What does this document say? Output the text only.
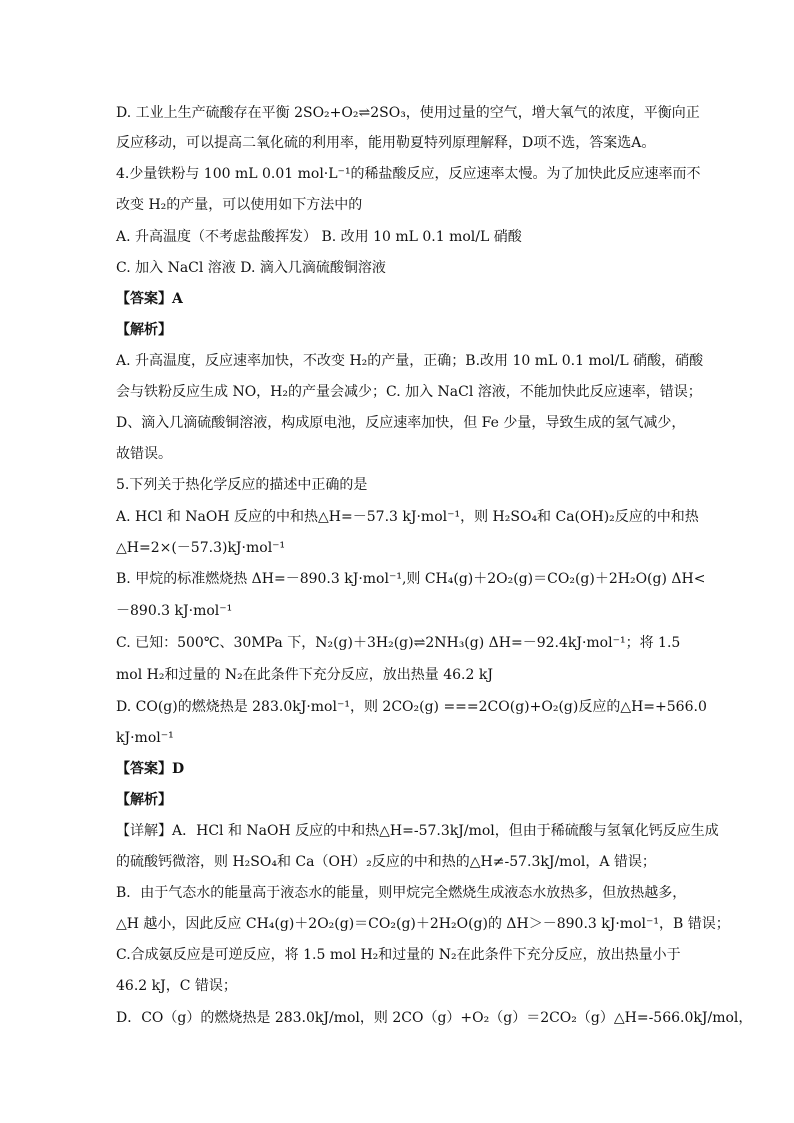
D. 工业上生产硫酸存在平衡 2SO₂+O₂⇌2SO₃，使用过量的空气，增大氧气的浓度，平衡向正
反应移动，可以提高二氧化硫的利用率，能用勒夏特列原理解释，D项不选，答案选A。
4.少量铁粉与 100 mL 0.01 mol·L⁻¹的稀盐酸反应，反应速率太慢。为了加快此反应速率而不
改变 H₂的产量，可以使用如下方法中的
A. 升高温度（不考虑盐酸挥发） B. 改用 10 mL 0.1 mol/L 硝酸
C. 加入 NaCl 溶液 D. 滴入几滴硫酸铜溶液
【答案】A
【解析】
A. 升高温度，反应速率加快，不改变 H₂的产量，正确；B.改用 10 mL 0.1 mol/L 硝酸，硝酸
会与铁粉反应生成 NO，H₂的产量会减少；C. 加入 NaCl 溶液，不能加快此反应速率，错误；
D、滴入几滴硫酸铜溶液，构成原电池，反应速率加快，但 Fe 少量，导致生成的氢气减少，
故错误。
5.下列关于热化学反应的描述中正确的是
A. HCl 和 NaOH 反应的中和热△H=－57.3 kJ·mol⁻¹，则 H₂SO₄和 Ca(OH)₂反应的中和热
△H=2×(－57.3)kJ·mol⁻¹
B. 甲烷的标准燃烧热 ΔH=－890.3 kJ·mol⁻¹,则 CH₄(g)＋2O₂(g)＝CO₂(g)＋2H₂O(g) ΔH<
－890.3 kJ·mol⁻¹
C. 已知：500℃、30MPa 下，N₂(g)＋3H₂(g)⇌2NH₃(g) ΔH=－92.4kJ·mol⁻¹；将 1.5
mol H₂和过量的 N₂在此条件下充分反应，放出热量 46.2 kJ
D. CO(g)的燃烧热是 283.0kJ·mol⁻¹，则 2CO₂(g) ===2CO(g)+O₂(g)反应的△H=+566.0
kJ·mol⁻¹
【答案】D
【解析】
【详解】A．HCl 和 NaOH 反应的中和热△H=-57.3kJ/mol，但由于稀硫酸与氢氧化钙反应生成
的硫酸钙微溶，则 H₂SO₄和 Ca（OH）₂反应的中和热的△H≠-57.3kJ/mol，A 错误；
B．由于气态水的能量高于液态水的能量，则甲烷完全燃烧生成液态水放热多，但放热越多，
△H 越小，因此反应 CH₄(g)＋2O₂(g)＝CO₂(g)＋2H₂O(g)的 ΔH＞－890.3 kJ·mol⁻¹，B 错误；
C.合成氨反应是可逆反应，将 1.5 mol H₂和过量的 N₂在此条件下充分反应，放出热量小于
46.2 kJ，C 错误；
D．CO（g）的燃烧热是 283.0kJ/mol，则 2CO（g）+O₂（g）＝2CO₂（g）△H=-566.0kJ/mol，
